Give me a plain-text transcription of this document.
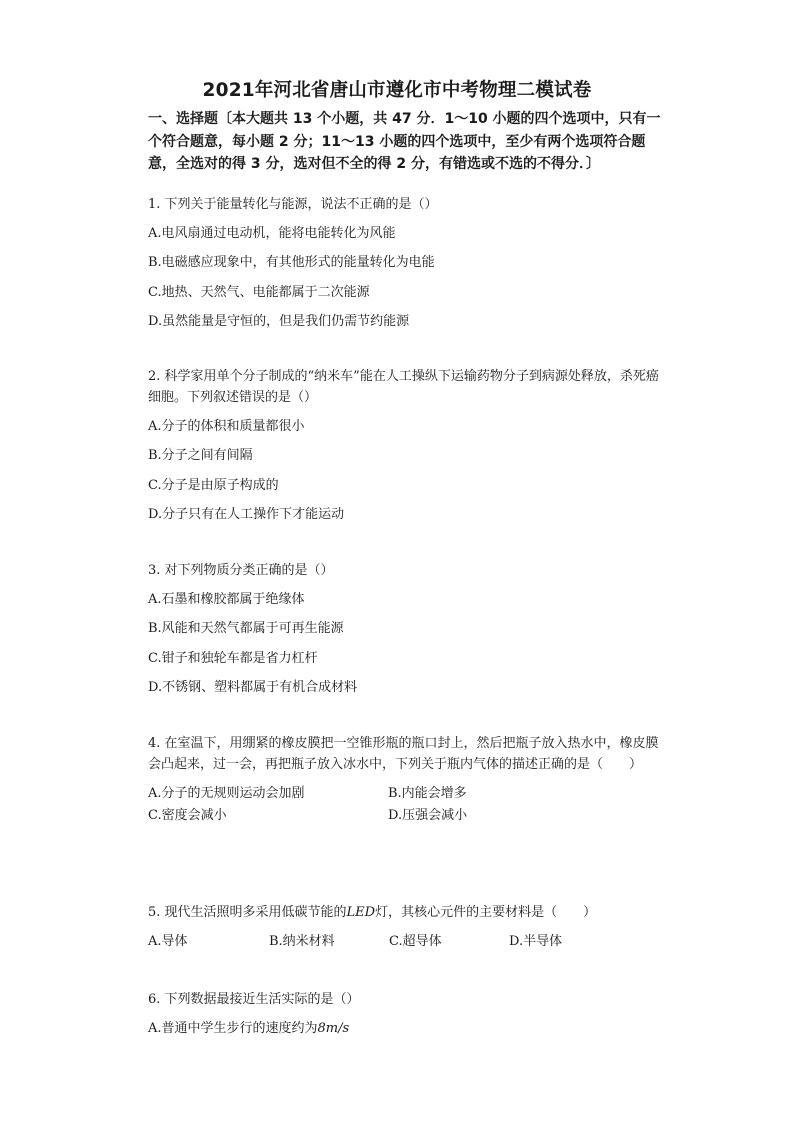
2021年河北省唐山市遵化市中考物理二模试卷
一、选择题〔本大题共 13 个小题，共 47 分．1～10 小题的四个选项中，只有一个符合题意，每小题 2 分；11～13 小题的四个选项中，至少有两个选项符合题意，全选对的得 3 分，选对但不全的得 2 分，有错选或不选的不得分．〕
1. 下列关于能量转化与能源，说法不正确的是（）
A.电风扇通过电动机，能将电能转化为风能
B.电磁感应现象中，有其他形式的能量转化为电能
C.地热、天然气、电能都属于二次能源
D.虽然能量是守恒的，但是我们仍需节约能源
2. 科学家用单个分子制成的“纳米车”能在人工操纵下运输药物分子到病源处释放，杀死癌细胞。下列叙述错误的是（）
A.分子的体积和质量都很小
B.分子之间有间隔
C.分子是由原子构成的
D.分子只有在人工操作下才能运动
3. 对下列物质分类正确的是（）
A.石墨和橡胶都属于绝缘体
B.风能和天然气都属于可再生能源
C.钳子和独轮车都是省力杠杆
D.不锈钢、塑料都属于有机合成材料
4. 在室温下，用绷紧的橡皮膜把一空锥形瓶的瓶口封上，然后把瓶子放入热水中，橡皮膜会凸起来，过一会，再把瓶子放入冰水中，下列关于瓶内气体的描述正确的是（　　）
A.分子的无规则运动会加剧	B.内能会增多
C.密度会减小	D.压强会减小
5. 现代生活照明多采用低碳节能的LED灯，其核心元件的主要材料是（　　）
A.导体	B.纳米材料	C.超导体	D.半导体
6. 下列数据最接近生活实际的是（）
A.普通中学生步行的速度约为8m/s
